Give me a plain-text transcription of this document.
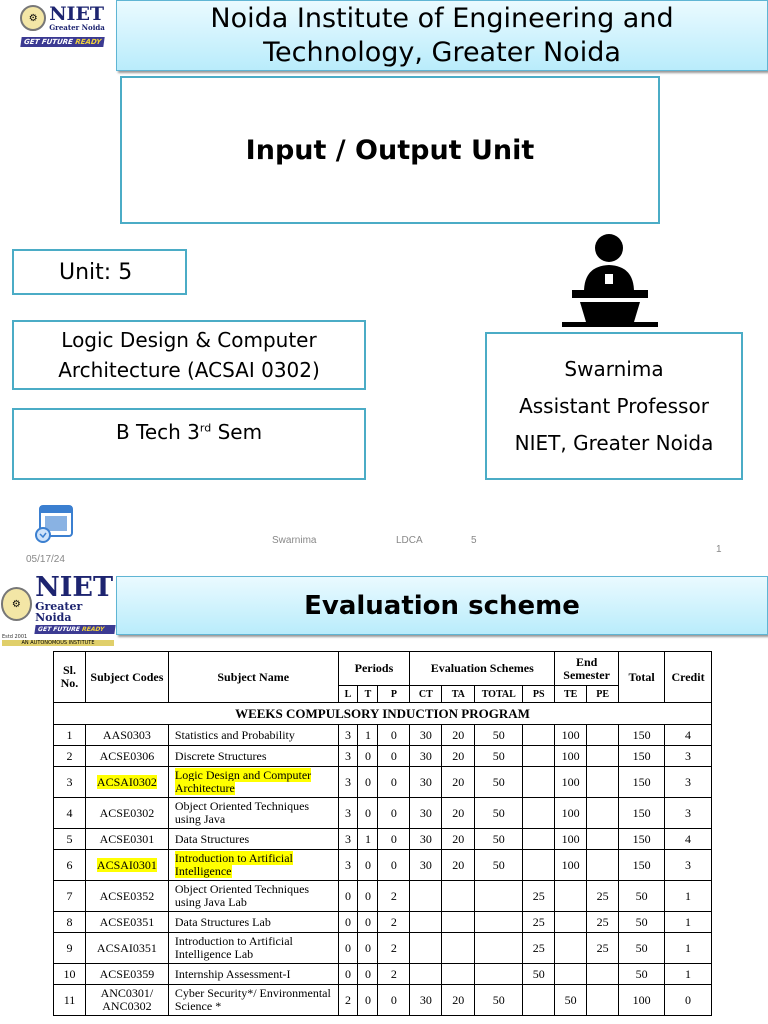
⚙ NIET
Greater Noida
GET FUTURE READY
Noida Institute of Engineering and Technology, Greater Noida
Input / Output Unit
Unit: 5
Logic Design & Computer Architecture (ACSAI 0302)
B Tech 3rd Sem
Swarnima
Assistant Professor
NIET, Greater Noida
05/17/24
Swarnima	LDCA	5
1
⚙
NIET
Greater Noida
GET FUTURE READY
Estd 2001
AN AUTONOMOUS INSTITUTE
Evaluation scheme
Sl. No.	Subject Codes	Subject Name	Periods			Evaluation Schemes				End Semester		Total	Credit
			L	T	P	CT	TA	TOTAL	PS	TE	PE		
WEEKS COMPULSORY INDUCTION PROGRAM													
1	AAS0303	Statistics and Probability	3	1	0	30	20	50		100		150	4
2	ACSE0306	Discrete Structures	3	0	0	30	20	50		100		150	3
3	ACSAI0302	Logic Design and Computer Architecture	3	0	0	30	20	50		100		150	3
4	ACSE0302	Object Oriented Techniques using Java	3	0	0	30	20	50		100		150	3
5	ACSE0301	Data Structures	3	1	0	30	20	50		100		150	4
6	ACSAI0301	Introduction to Artificial Intelligence	3	0	0	30	20	50		100		150	3
7	ACSE0352	Object Oriented Techniques using Java Lab	0	0	2				25		25	50	1
8	ACSE0351	Data Structures Lab	0	0	2				25		25	50	1
9	ACSAI0351	Introduction to Artificial Intelligence Lab	0	0	2				25		25	50	1
10	ACSE0359	Internship Assessment-I	0	0	2				50			50	1
11	ANC0301/ ANC0302	Cyber Security*/ Environmental Science *	2	0	0	30	20	50		50		100	0
